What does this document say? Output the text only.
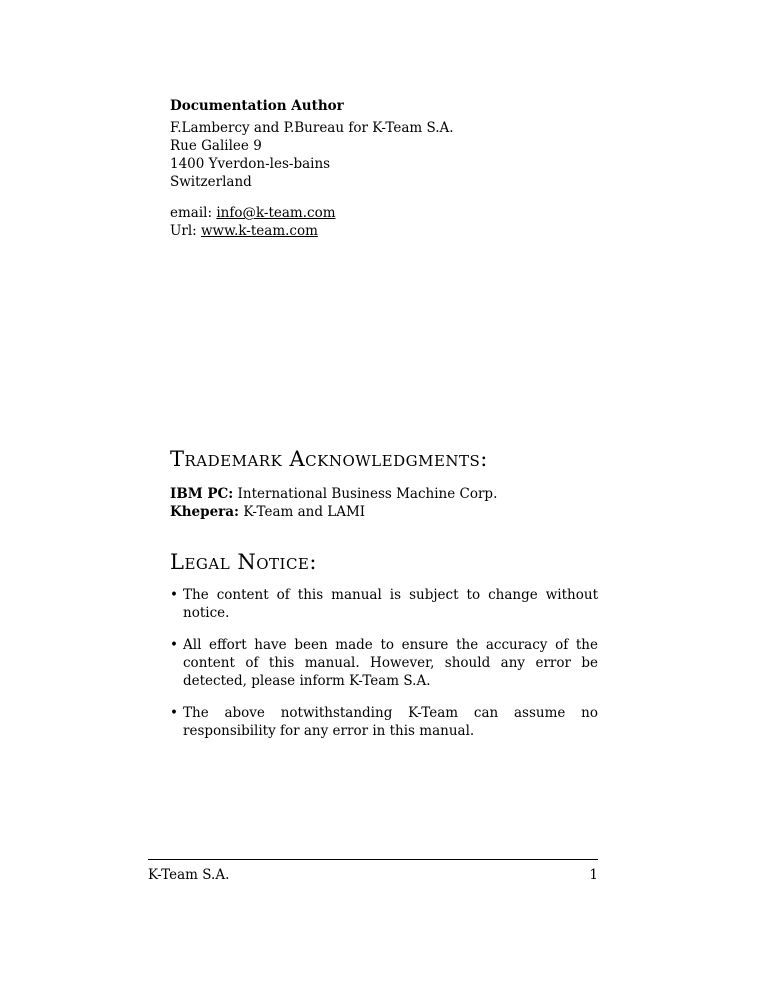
Documentation Author
F.Lambercy and P.Bureau for K-Team S.A.
Rue Galilee 9
1400 Yverdon-les-bains
Switzerland
email: info@k-team.com
Url: www.k-team.com
Trademark Acknowledgments:
IBM PC: International Business Machine Corp.
Khepera: K-Team and LAMI
Legal Notice:
• The content of this manual is subject to change without notice.
• All effort have been made to ensure the accuracy of the content of this manual. However, should any error be detected, please inform K-Team S.A.
• The above notwithstanding K-Team can assume no responsibility for any error in this manual.
K-Team S.A.	1
